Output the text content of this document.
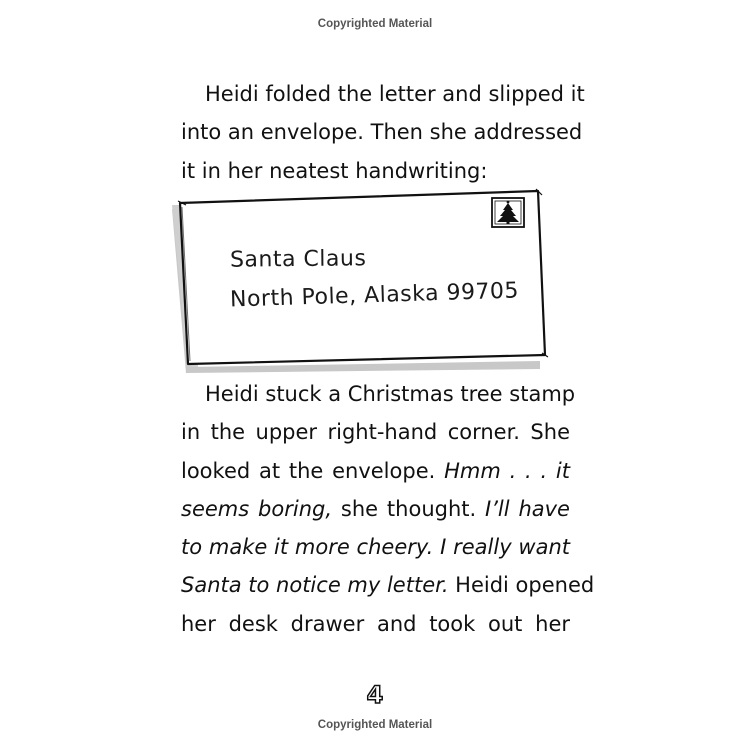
Copyrighted Material

Heidi folded the letter and slipped it
into an envelope. Then she addressed
it in her neatest handwriting:

Santa Claus
North Pole, Alaska 99705

Heidi stuck a Christmas tree stamp
in the upper right-hand corner. She
looked at the envelope. Hmm . . . it
seems boring, she thought. I’ll have
to make it more cheery. I really want
Santa to notice my letter. Heidi opened
her desk drawer and took out her

4
Copyrighted Material
